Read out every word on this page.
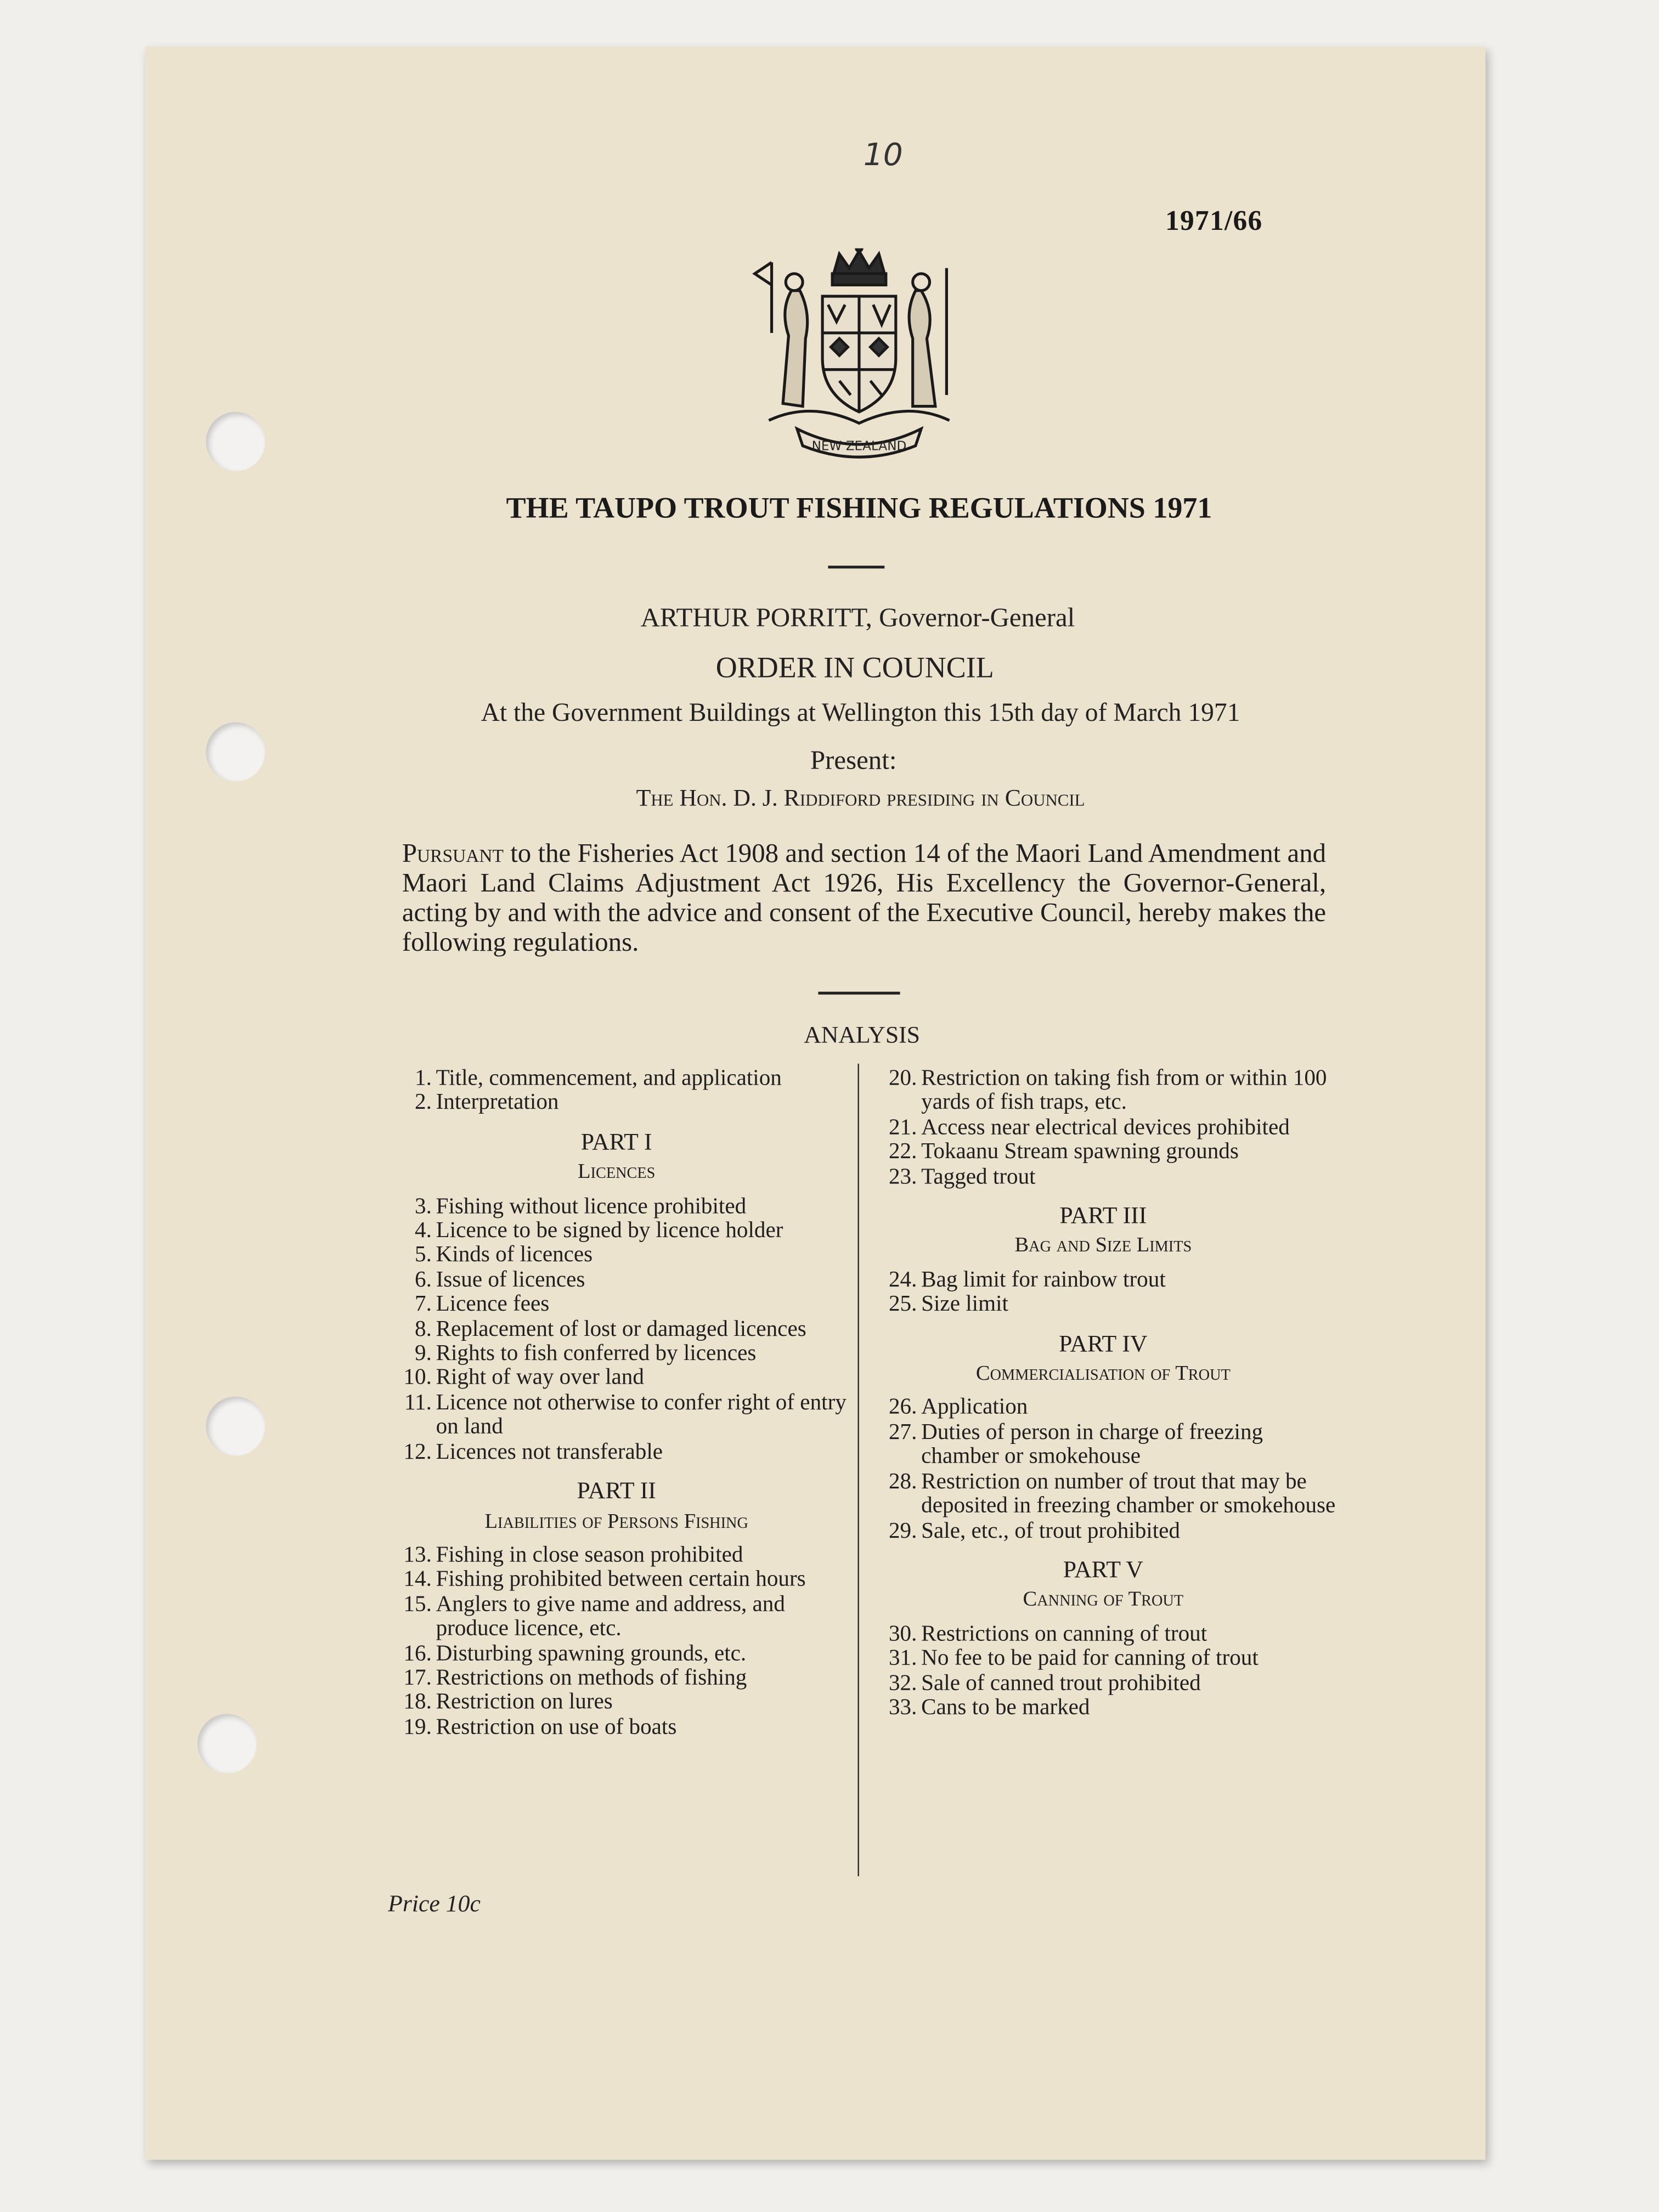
10
1971/66
NEW ZEALAND
THE TAUPO TROUT FISHING REGULATIONS 1971
ARTHUR PORRITT, Governor-General
ORDER IN COUNCIL
At the Government Buildings at Wellington this 15th day of March 1971
Present:
The Hon. D. J. Riddiford presiding in Council
Pursuant to the Fisheries Act 1908 and section 14 of the Maori Land Amendment and Maori Land Claims Adjustment Act 1926, His Excellency the Governor-General, acting by and with the advice and consent of the Executive Council, hereby makes the following regulations.
ANALYSIS
1. Title, commencement, and application
2. Interpretation
PART I
Licences
3. Fishing without licence prohibited
4. Licence to be signed by licence holder
5. Kinds of licences
6. Issue of licences
7. Licence fees
8. Replacement of lost or damaged licences
9. Rights to fish conferred by licences
10. Right of way over land
11. Licence not otherwise to confer right of entry on land
12. Licences not transferable
PART II
Liabilities of Persons Fishing
13. Fishing in close season prohibited
14. Fishing prohibited between certain hours
15. Anglers to give name and address, and produce licence, etc.
16. Disturbing spawning grounds, etc.
17. Restrictions on methods of fishing
18. Restriction on lures
19. Restriction on use of boats
20. Restriction on taking fish from or within 100 yards of fish traps, etc.
21. Access near electrical devices prohibited
22. Tokaanu Stream spawning grounds
23. Tagged trout
PART III
Bag and Size Limits
24. Bag limit for rainbow trout
25. Size limit
PART IV
Commercialisation of Trout
26. Application
27. Duties of person in charge of freezing chamber or smokehouse
28. Restriction on number of trout that may be deposited in freezing chamber or smokehouse
29. Sale, etc., of trout prohibited
PART V
Canning of Trout
30. Restrictions on canning of trout
31. No fee to be paid for canning of trout
32. Sale of canned trout prohibited
33. Cans to be marked
Price 10c
